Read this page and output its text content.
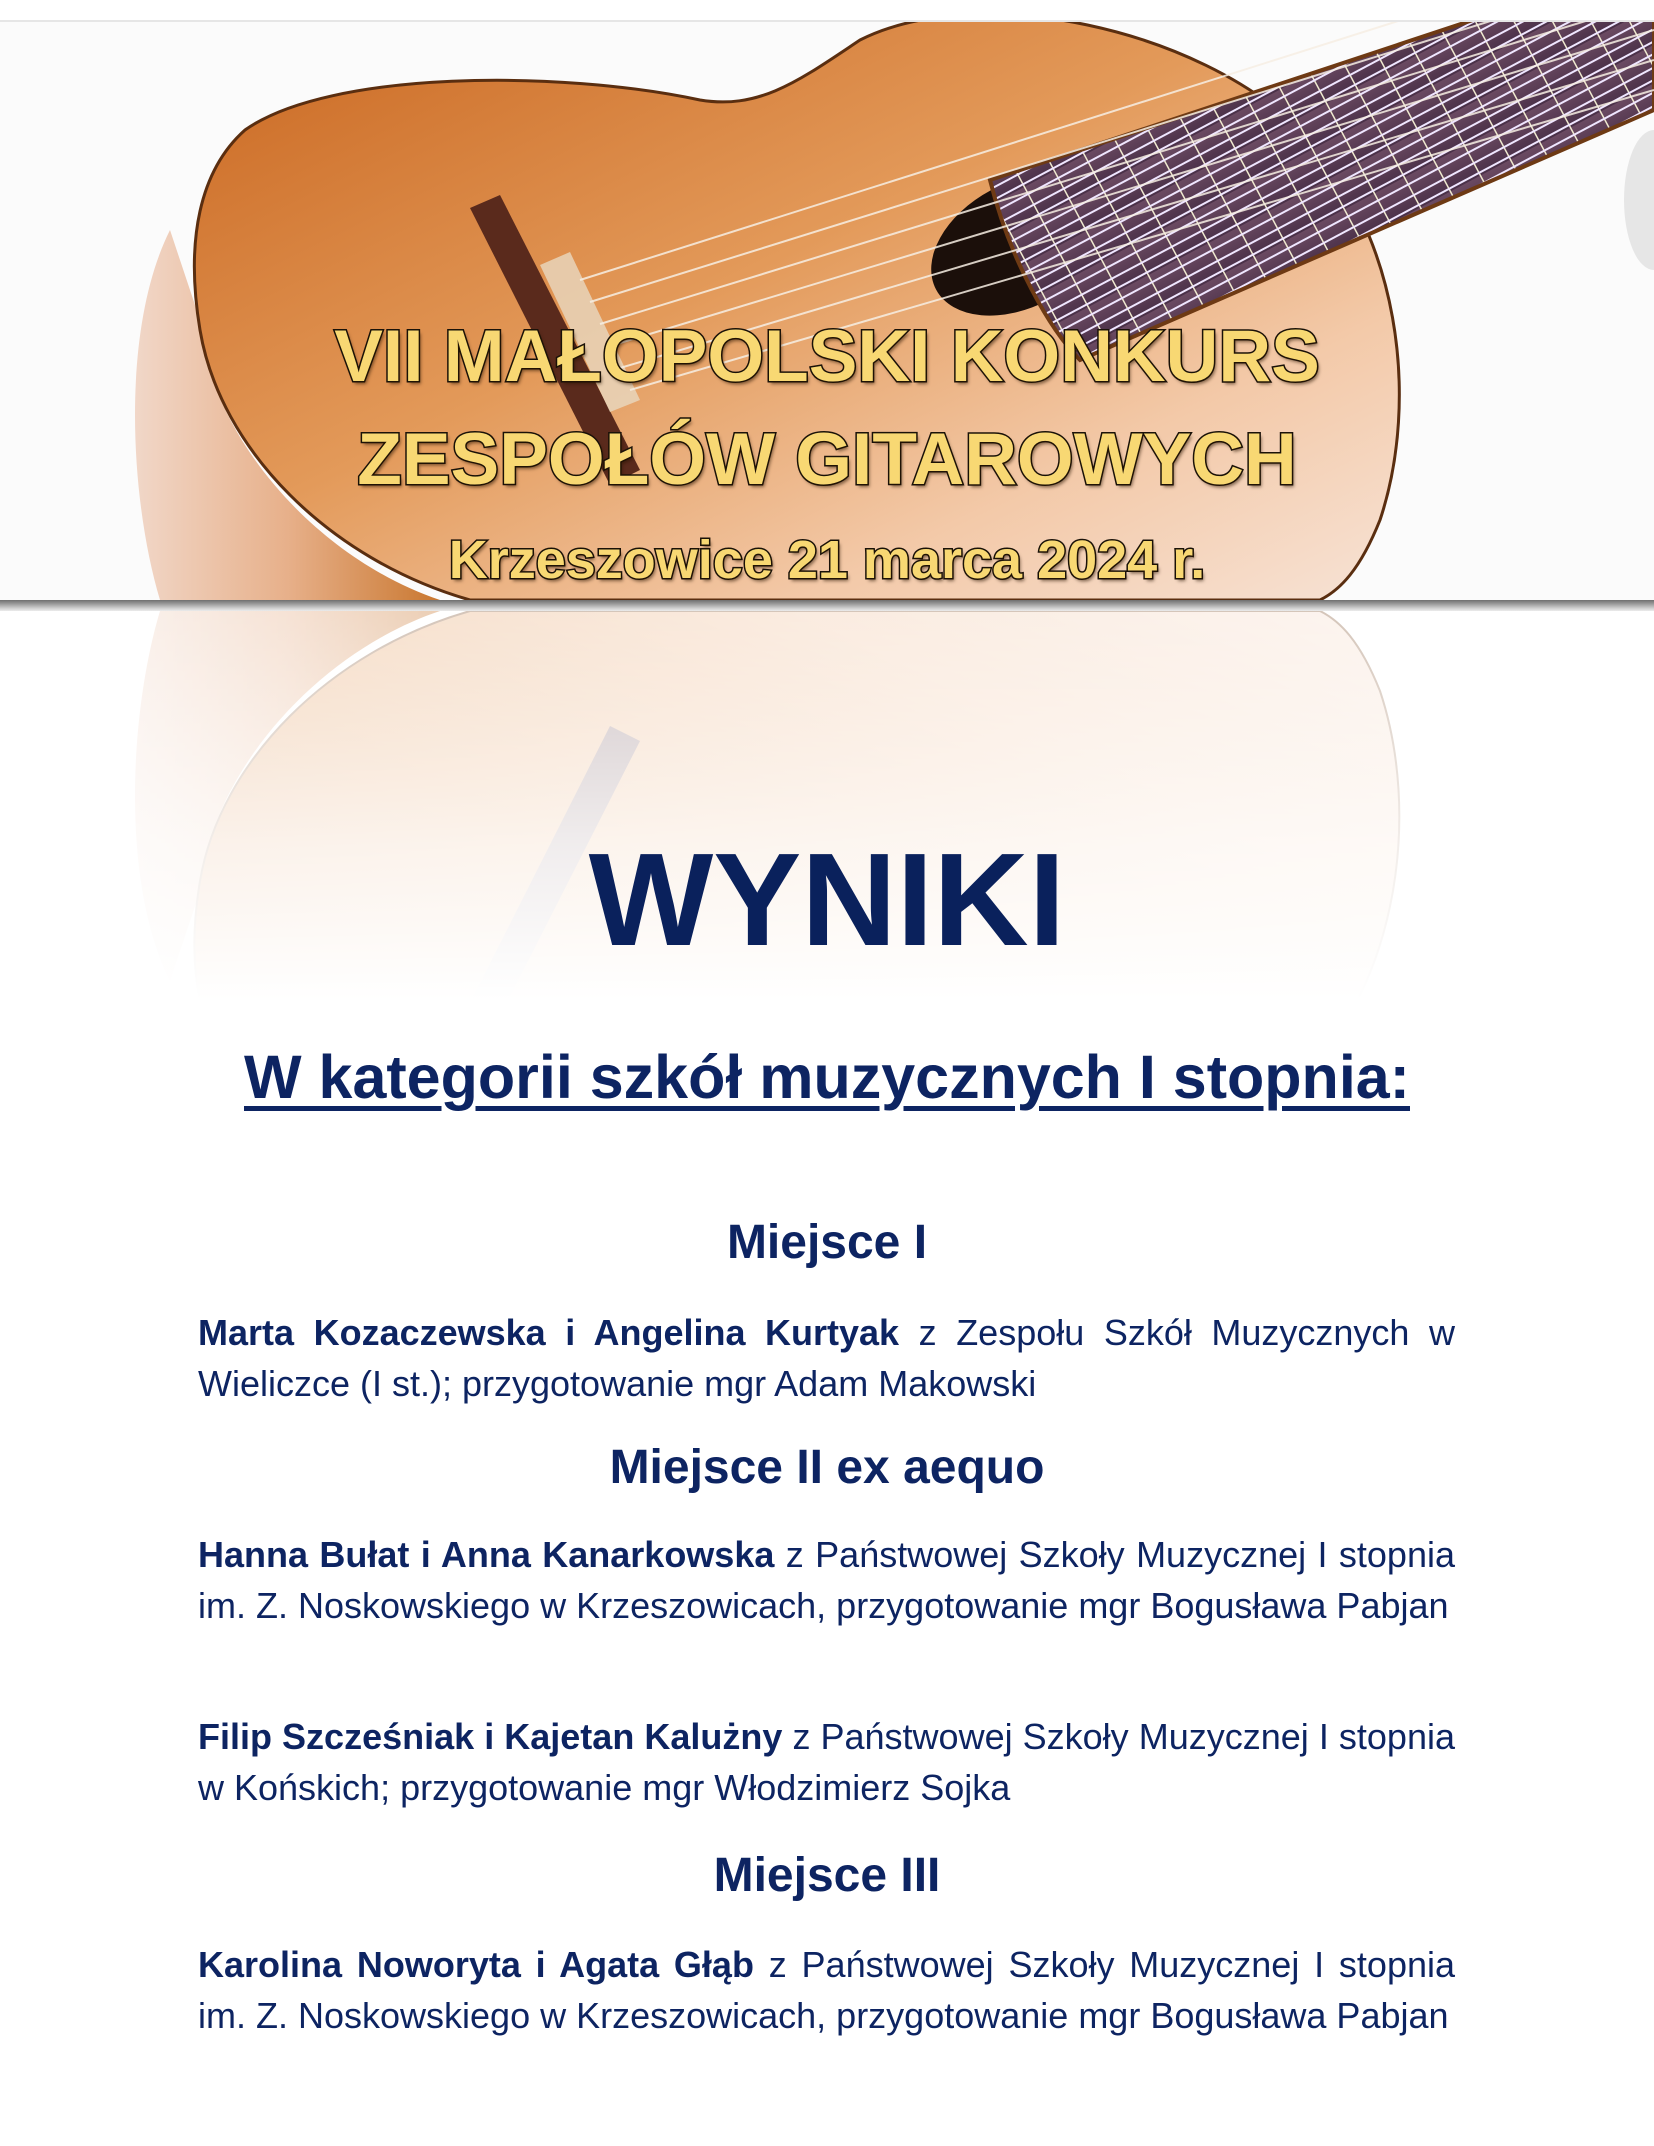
VII MAŁOPOLSKI KONKURS
ZESPOŁÓW GITAROWYCH
Krzeszowice 21 marca 2024 r.
WYNIKI
W kategorii szkół muzycznych I stopnia:
Miejsce I
Marta Kozaczewska i Angelina Kurtyak z Zespołu Szkół Muzycznych w Wieliczce (I st.); przygotowanie mgr Adam Makowski
Miejsce II ex aequo
Hanna Bułat i Anna Kanarkowska z Państwowej Szkoły Muzycznej I stopnia im. Z. Noskowskiego w Krzeszowicach, przygotowanie mgr Bogusława Pabjan
Filip Szcześniak i Kajetan Kalużny z Państwowej Szkoły Muzycznej I stopnia w Końskich; przygotowanie mgr Włodzimierz Sojka
Miejsce III
Karolina Noworyta i Agata Głąb z Państwowej Szkoły Muzycznej I stopnia im. Z. Noskowskiego w Krzeszowicach, przygotowanie mgr Bogusława Pabjan
